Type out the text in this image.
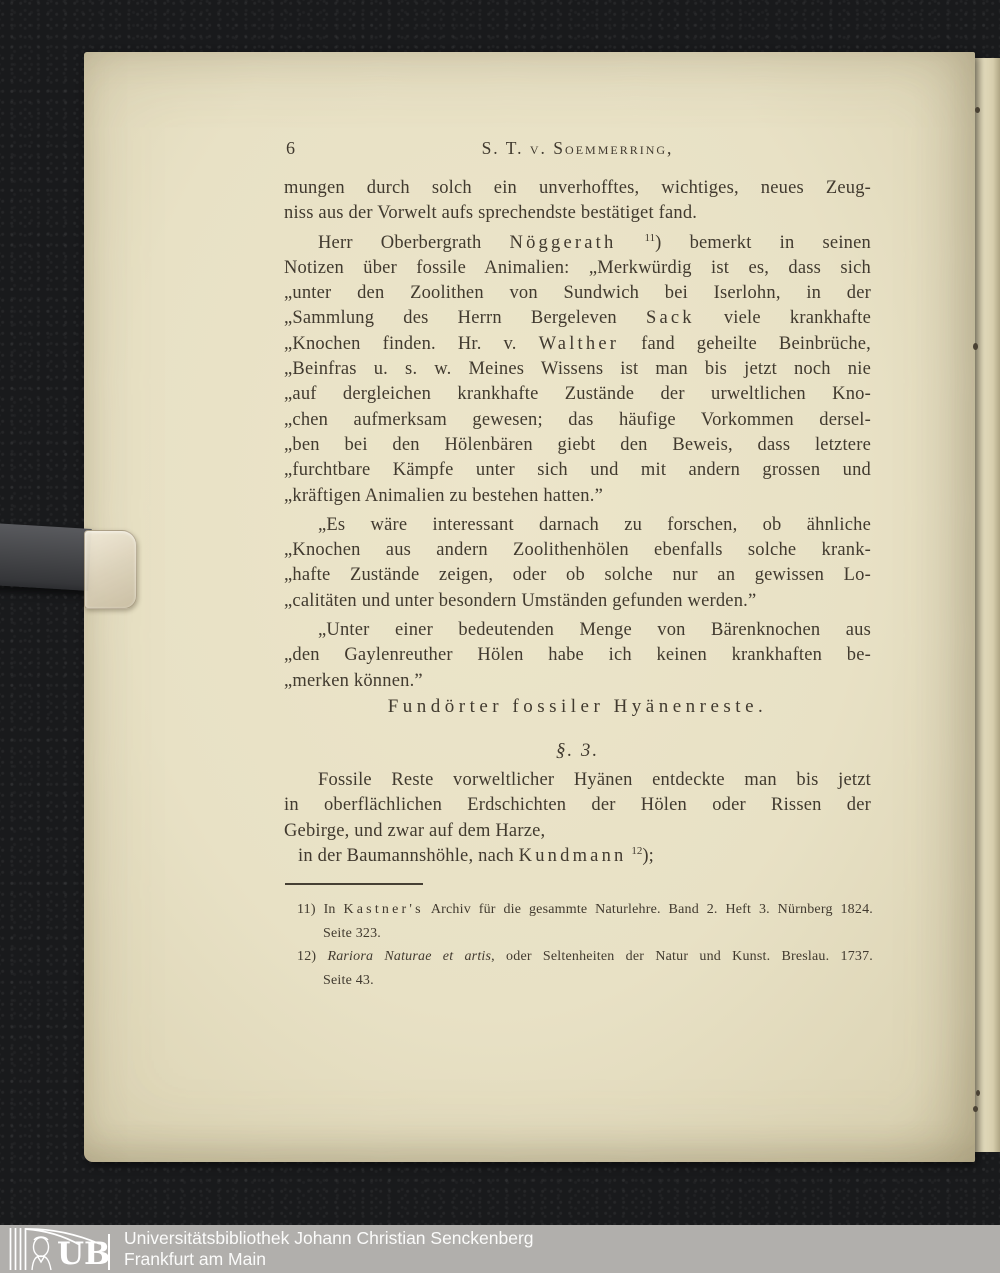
6	S. T. v. Soemmerring,
mungen durch solch ein unverhofftes, wichtiges, neues Zeug-
niss aus der Vorwelt aufs sprechendste bestätiget fand.
Herr Oberbergrath Nöggerath	$^{11}$) bemerkt in seinen
Notizen über fossile Animalien: „Merkwürdig ist es, dass sich
„unter den Zoolithen von Sundwich bei Iserlohn, in der
„Sammlung des Herrn Bergeleven Sack viele krankhafte
„Knochen finden. Hr. v. Walther fand geheilte Beinbrüche,
„Beinfras u. s. w. Meines Wissens ist man bis jetzt noch nie
„auf dergleichen krankhafte Zustände der urweltlichen Kno-
„chen aufmerksam gewesen; das häufige Vorkommen dersel-
„ben bei den Hölenbären giebt den Beweis, dass letztere
„furchtbare Kämpfe unter sich und mit andern grossen und
„kräftigen Animalien zu bestehen hatten.”
„Es wäre interessant darnach zu forschen, ob ähnliche
„Knochen aus andern Zoolithenhölen ebenfalls solche krank-
„hafte Zustände zeigen, oder ob solche nur an gewissen Lo-
„calitäten und unter besondern Umständen gefunden werden.”
„Unter einer bedeutenden Menge von Bärenknochen aus
„den Gaylenreuther Hölen habe ich keinen krankhaften be-
„merken können.”
Fundörter fossiler Hyänenreste.
§. 3.
Fossile Reste vorweltlicher Hyänen entdeckte man bis jetzt
in oberflächlichen Erdschichten der Hölen oder Rissen der
Gebirge, und zwar auf dem Harze,
in der Baumannshöhle, nach Kundmann $^{12}$);
11) In Kastner's Archiv für die gesammte Naturlehre. Band 2. Heft 3. Nürnberg 1824.
Seite 323.
12) Rariora Naturae et artis, oder Seltenheiten der Natur und Kunst. Breslau. 1737.
Seite 43.
UB Universitätsbibliothek Johann Christian Senckenberg
Frankfurt am Main
